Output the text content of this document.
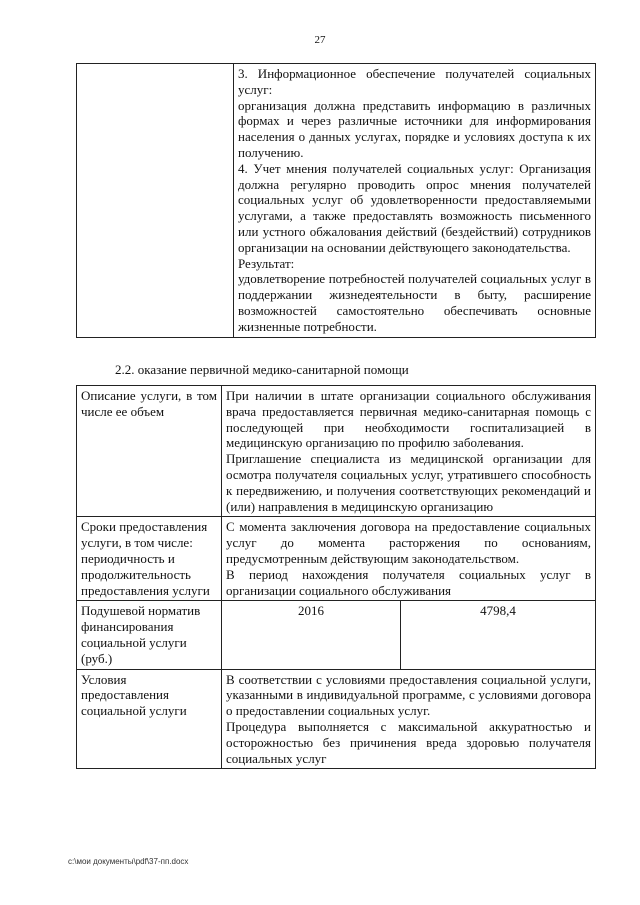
27

3. Информационное обеспечение получателей социальных услуг:

организация должна представить информацию в различных формах и через различные источники для информирования населения о данных услугах, порядке и условиях доступа к их получению.

4. Учет мнения получателей социальных услуг: Организация должна регулярно проводить опрос мнения получателей социальных услуг об удовлетворенности предоставляемыми услугами, а также предоставлять возможность письменного или устного обжалования действий (бездействий) сотрудников организации на основании действующего законодательства.

Результат:

удовлетворение потребностей получателей социальных услуг в поддержании жизнедеятельности в быту, расширение возможностей самостоятельно обеспечивать основные жизненные потребности.

2.2. оказание первичной медико-санитарной помощи
Описание услуги, в том числе ее объем	При наличии в штате организации социального обслуживания врача предоставляется первичная медико-санитарная помощь с последующей при необходимости госпитализацией в медицинскую организацию по профилю заболевания.

Приглашение специалиста из медицинской организации для осмотра получателя социальных услуг, утратившего способность к передвижению, и получения соответствующих рекомендаций и (или) направления в медицинскую организацию	

Сроки предоставления услуги, в том числе: периодичность и продолжительность предоставления услуги	С момента заключения договора на предоставление социальных услуг до момента расторжения по основаниям, предусмотренным действующим законодательством.

В период нахождения получателя социальных услуг в организации социального обслуживания	

Подушевой норматив финансирования социальной услуги (руб.)	2016	4798,4
Условия предоставления социальной услуги	В соответствии с условиями предоставления социальной услуги, указанными в индивидуальной программе, с условиями договора о предоставлении социальных услуг.

Процедура выполняется с максимальной аккуратностью и осторожностью без причинения вреда здоровью получателя социальных услуг	

c:\мои документы\pdf\37-пп.docx
